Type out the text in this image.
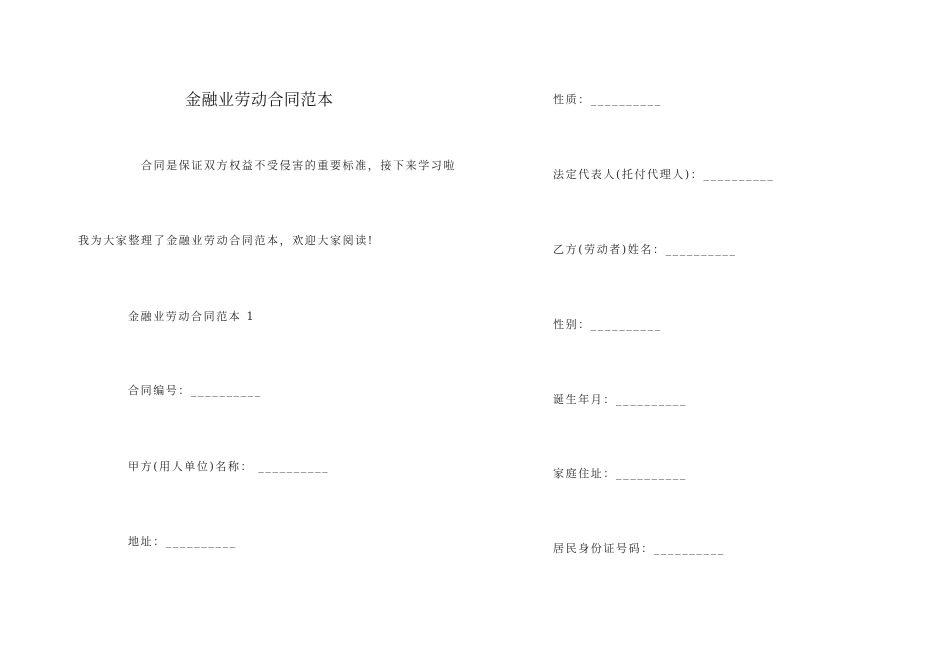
金融业劳动合同范本
合同是保证双方权益不受侵害的重要标准，接下来学习啦
我为大家整理了金融业劳动合同范本，欢迎大家阅读!
金融业劳动合同范本 1
合同编号：__________
甲方(用人单位)名称： __________
地址：__________
性质：__________
法定代表人(托付代理人)：__________
乙方(劳动者)姓名：__________
性别：__________
诞生年月：__________
家庭住址：__________
居民身份证号码：__________
